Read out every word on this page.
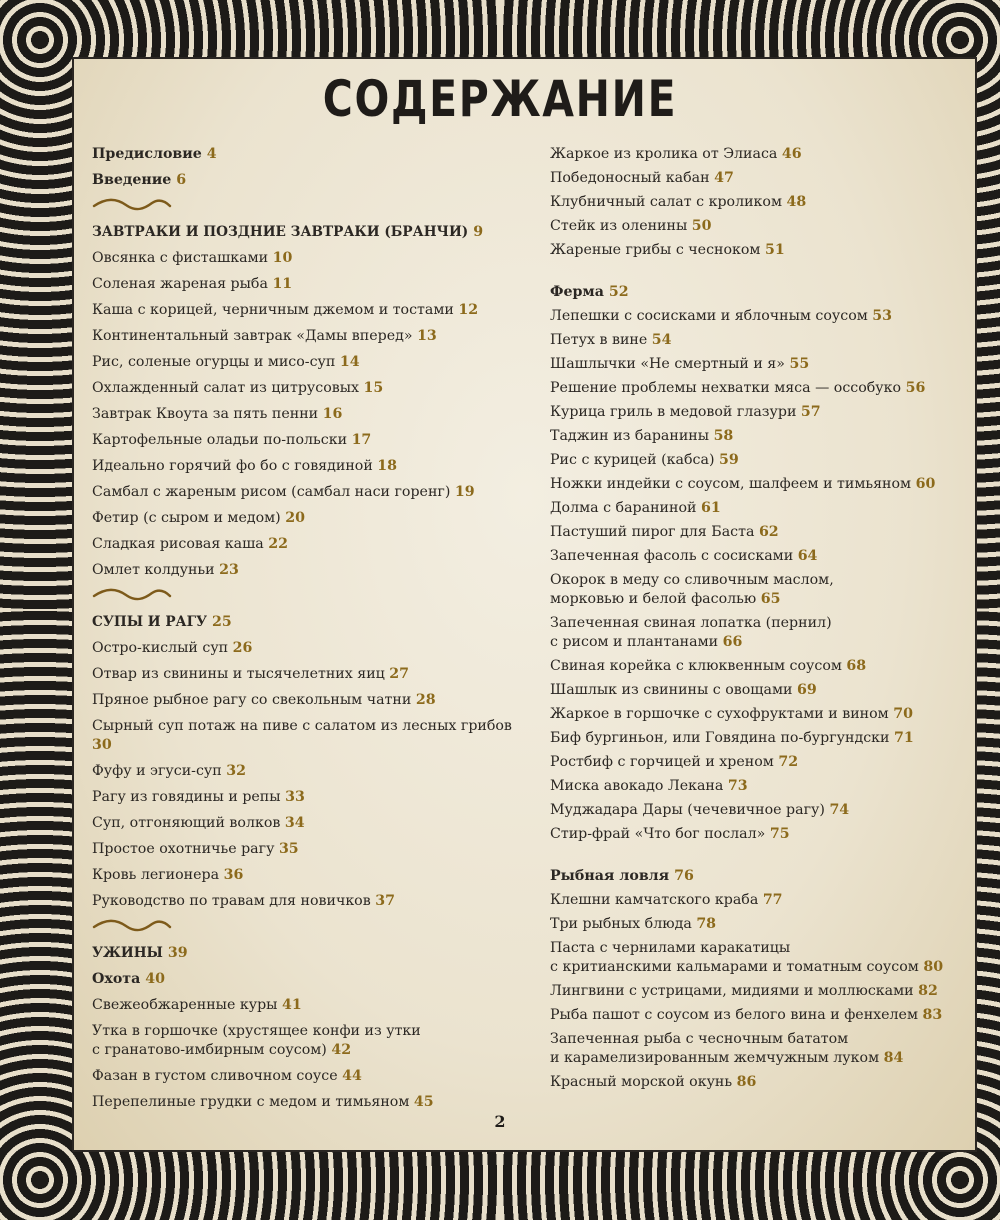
СОДЕРЖАНИЕ
Предисловие 4
Введение 6
ЗАВТРАКИ И ПОЗДНИЕ ЗАВТРАКИ (БРАНЧИ) 9
Овсянка с фисташками 10
Соленая жареная рыба 11
Каша с корицей, черничным джемом и тостами 12
Континентальный завтрак «Дамы вперед» 13
Рис, соленые огурцы и мисо-суп 14
Охлажденный салат из цитрусовых 15
Завтрак Квоута за пять пенни 16
Картофельные оладьи по-польски 17
Идеально горячий фо бо с говядиной 18
Самбал с жареным рисом (самбал наси горенг) 19
Фетир (с сыром и медом) 20
Сладкая рисовая каша 22
Омлет колдуньи 23
СУПЫ И РАГУ 25
Остро-кислый суп 26
Отвар из свинины и тысячелетних яиц 27
Пряное рыбное рагу со свекольным чатни 28
Сырный суп потаж на пиве с салатом из лесных грибов 30
Фуфу и эгуси-суп 32
Рагу из говядины и репы 33
Суп, отгоняющий волков 34
Простое охотничье рагу 35
Кровь легионера 36
Руководство по травам для новичков 37
УЖИНЫ 39
Охота 40
Свежеобжаренные куры 41
Утка в горшочке (хрустящее конфи из утки
с гранатово-имбирным соусом) 42
Фазан в густом сливочном соусе 44
Перепелиные грудки с медом и тимьяном 45
Жаркое из кролика от Элиаса 46
Победоносный кабан 47
Клубничный салат с кроликом 48
Стейк из оленины 50
Жареные грибы с чесноком 51
Ферма 52
Лепешки с сосисками и яблочным соусом 53
Петух в вине 54
Шашлычки «Не смертный и я» 55
Решение проблемы нехватки мяса — оссобуко 56
Курица гриль в медовой глазури 57
Таджин из баранины 58
Рис с курицей (кабса) 59
Ножки индейки с соусом, шалфеем и тимьяном 60
Долма с бараниной 61
Пастуший пирог для Баста 62
Запеченная фасоль с сосисками 64
Окорок в меду со сливочным маслом,
морковью и белой фасолью 65
Запеченная свиная лопатка (пернил)
с рисом и плантанами 66
Свиная корейка с клюквенным соусом 68
Шашлык из свинины с овощами 69
Жаркое в горшочке с сухофруктами и вином 70
Биф бургиньон, или Говядина по-бургундски 71
Ростбиф с горчицей и хреном 72
Миска авокадо Лекана 73
Муджадара Дары (чечевичное рагу) 74
Стир-фрай «Что бог послал» 75
Рыбная ловля 76
Клешни камчатского краба 77
Три рыбных блюда 78
Паста с чернилами каракатицы
с критианскими кальмарами и томатным соусом 80
Лингвини с устрицами, мидиями и моллюсками 82
Рыба пашот с соусом из белого вина и фенхелем 83
Запеченная рыба с чесночным бататом
и карамелизированным жемчужным луком 84
Красный морской окунь 86
2
